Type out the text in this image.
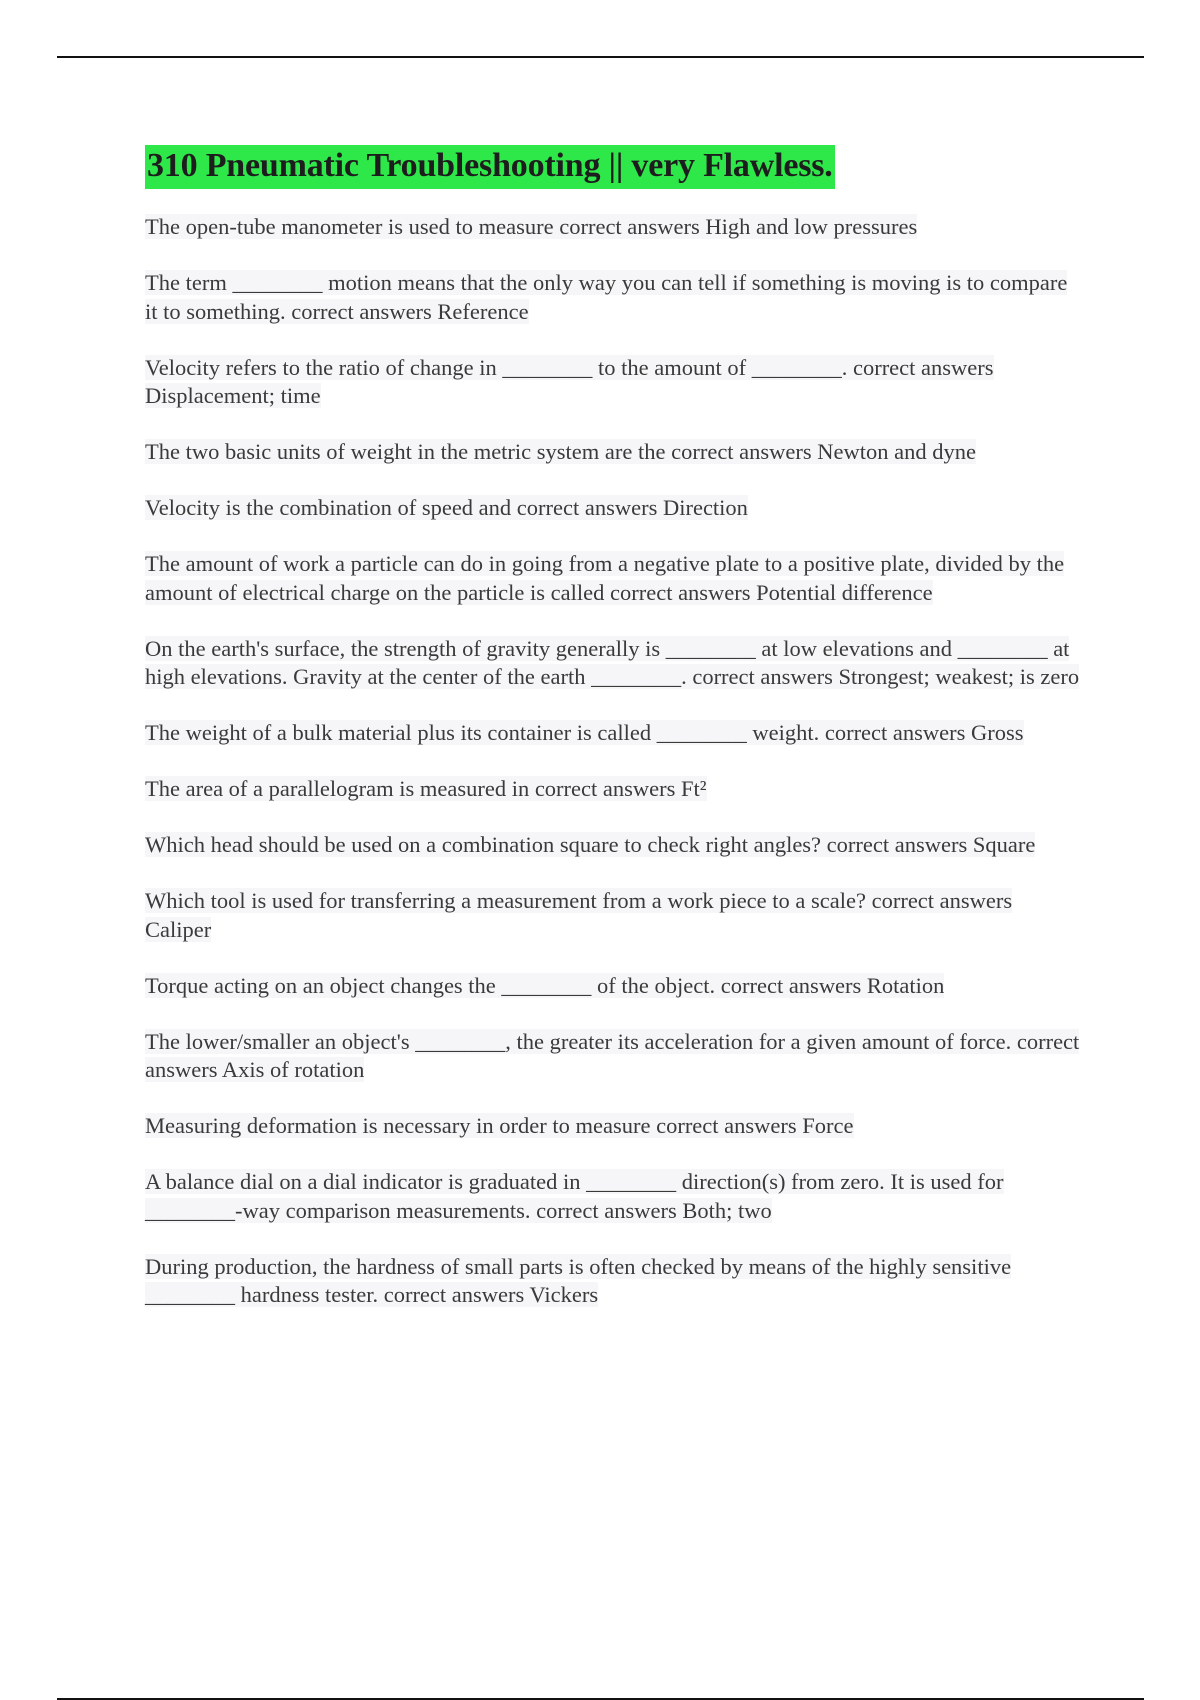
310 Pneumatic Troubleshooting || very Flawless.
The open-tube manometer is used to measure correct answers High and low pressures
The term ________ motion means that the only way you can tell if something is moving is to compare it to something. correct answers Reference
Velocity refers to the ratio of change in ________ to the amount of ________. correct answers Displacement; time
The two basic units of weight in the metric system are the correct answers Newton and dyne
Velocity is the combination of speed and correct answers Direction
The amount of work a particle can do in going from a negative plate to a positive plate, divided by the amount of electrical charge on the particle is called correct answers Potential difference
On the earth's surface, the strength of gravity generally is ________ at low elevations and ________ at high elevations. Gravity at the center of the earth ________. correct answers Strongest; weakest; is zero
The weight of a bulk material plus its container is called ________ weight. correct answers Gross
The area of a parallelogram is measured in correct answers Ft²
Which head should be used on a combination square to check right angles? correct answers Square
Which tool is used for transferring a measurement from a work piece to a scale? correct answers Caliper
Torque acting on an object changes the ________ of the object. correct answers Rotation
The lower/smaller an object's ________, the greater its acceleration for a given amount of force. correct answers Axis of rotation
Measuring deformation is necessary in order to measure correct answers Force
A balance dial on a dial indicator is graduated in ________ direction(s) from zero. It is used for ________-way comparison measurements. correct answers Both; two
During production, the hardness of small parts is often checked by means of the highly sensitive ________ hardness tester. correct answers Vickers
